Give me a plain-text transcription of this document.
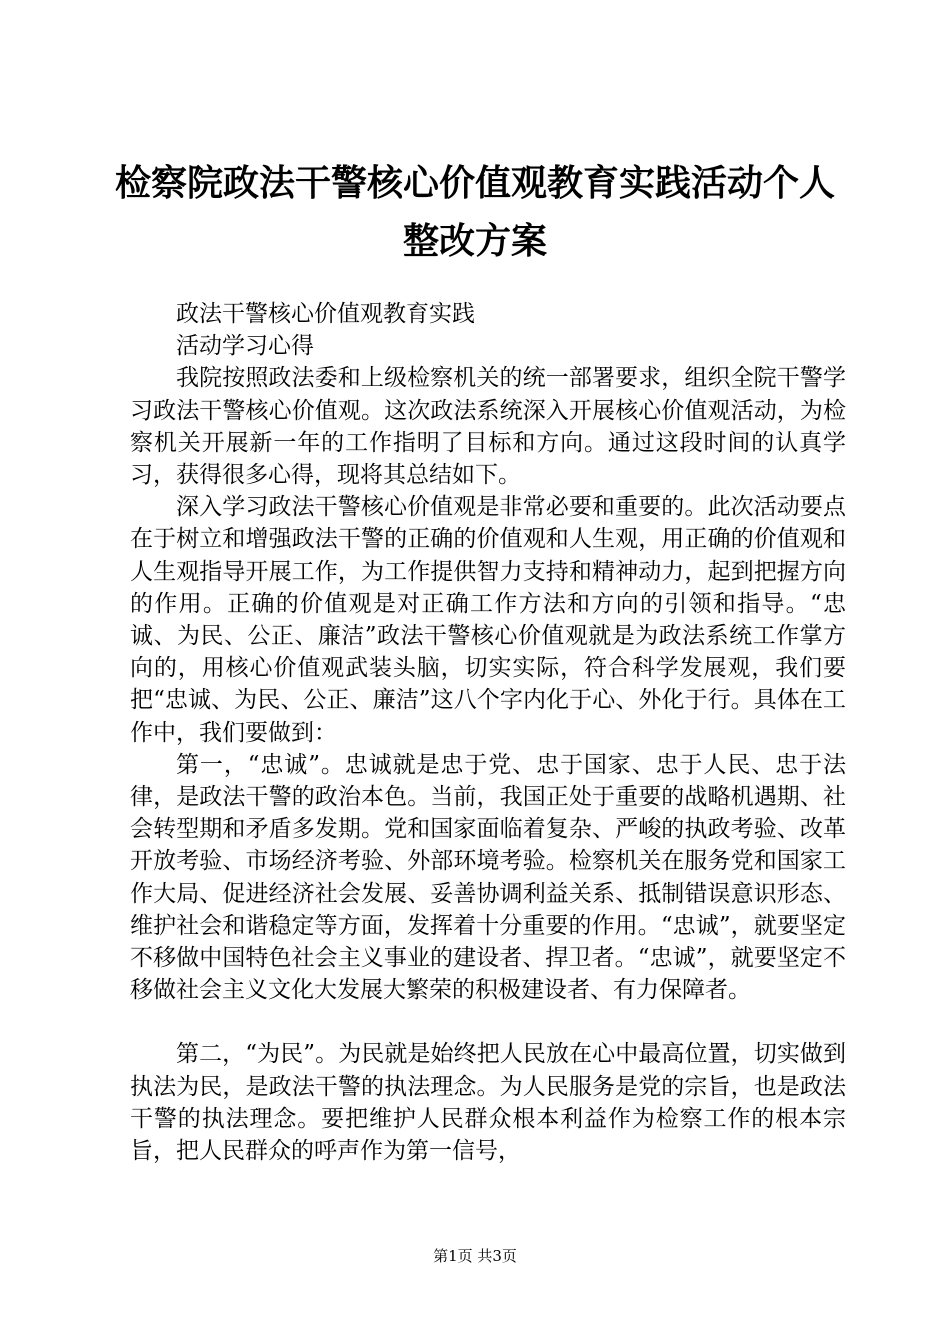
检察院政法干警核心价值观教育实践活动个人
整改方案

政法干警核心价值观教育实践

活动学习心得

我院按照政法委和上级检察机关的统一部署要求，组织全院干警学习政法干警核心价值观。这次政法系统深入开展核心价值观活动，为检察机关开展新一年的工作指明了目标和方向。通过这段时间的认真学习，获得很多心得，现将其总结如下。

深入学习政法干警核心价值观是非常必要和重要的。此次活动要点在于树立和增强政法干警的正确的价值观和人生观，用正确的价值观和人生观指导开展工作，为工作提供智力支持和精神动力，起到把握方向的作用。正确的价值观是对正确工作方法和方向的引领和指导。“忠诚、为民、公正、廉洁”政法干警核心价值观就是为政法系统工作掌方向的，用核心价值观武装头脑，切实实际，符合科学发展观，我们要把“忠诚、为民、公正、廉洁”这八个字内化于心、外化于行。具体在工作中，我们要做到：

第一，“忠诚”。忠诚就是忠于党、忠于国家、忠于人民、忠于法律，是政法干警的政治本色。当前，我国正处于重要的战略机遇期、社会转型期和矛盾多发期。党和国家面临着复杂、严峻的执政考验、改革开放考验、市场经济考验、外部环境考验。检察机关在服务党和国家工作大局、促进经济社会发展、妥善协调利益关系、抵制错误意识形态、维护社会和谐稳定等方面，发挥着十分重要的作用。“忠诚”，就要坚定不移做中国特色社会主义事业的建设者、捍卫者。“忠诚”，就要坚定不移做社会主义文化大发展大繁荣的积极建设者、有力保障者。

第二，“为民”。为民就是始终把人民放在心中最高位置，切实做到执法为民，是政法干警的执法理念。为人民服务是党的宗旨，也是政法干警的执法理念。要把维护人民群众根本利益作为检察工作的根本宗旨，把人民群众的呼声作为第一信号，

第1页 共3页
